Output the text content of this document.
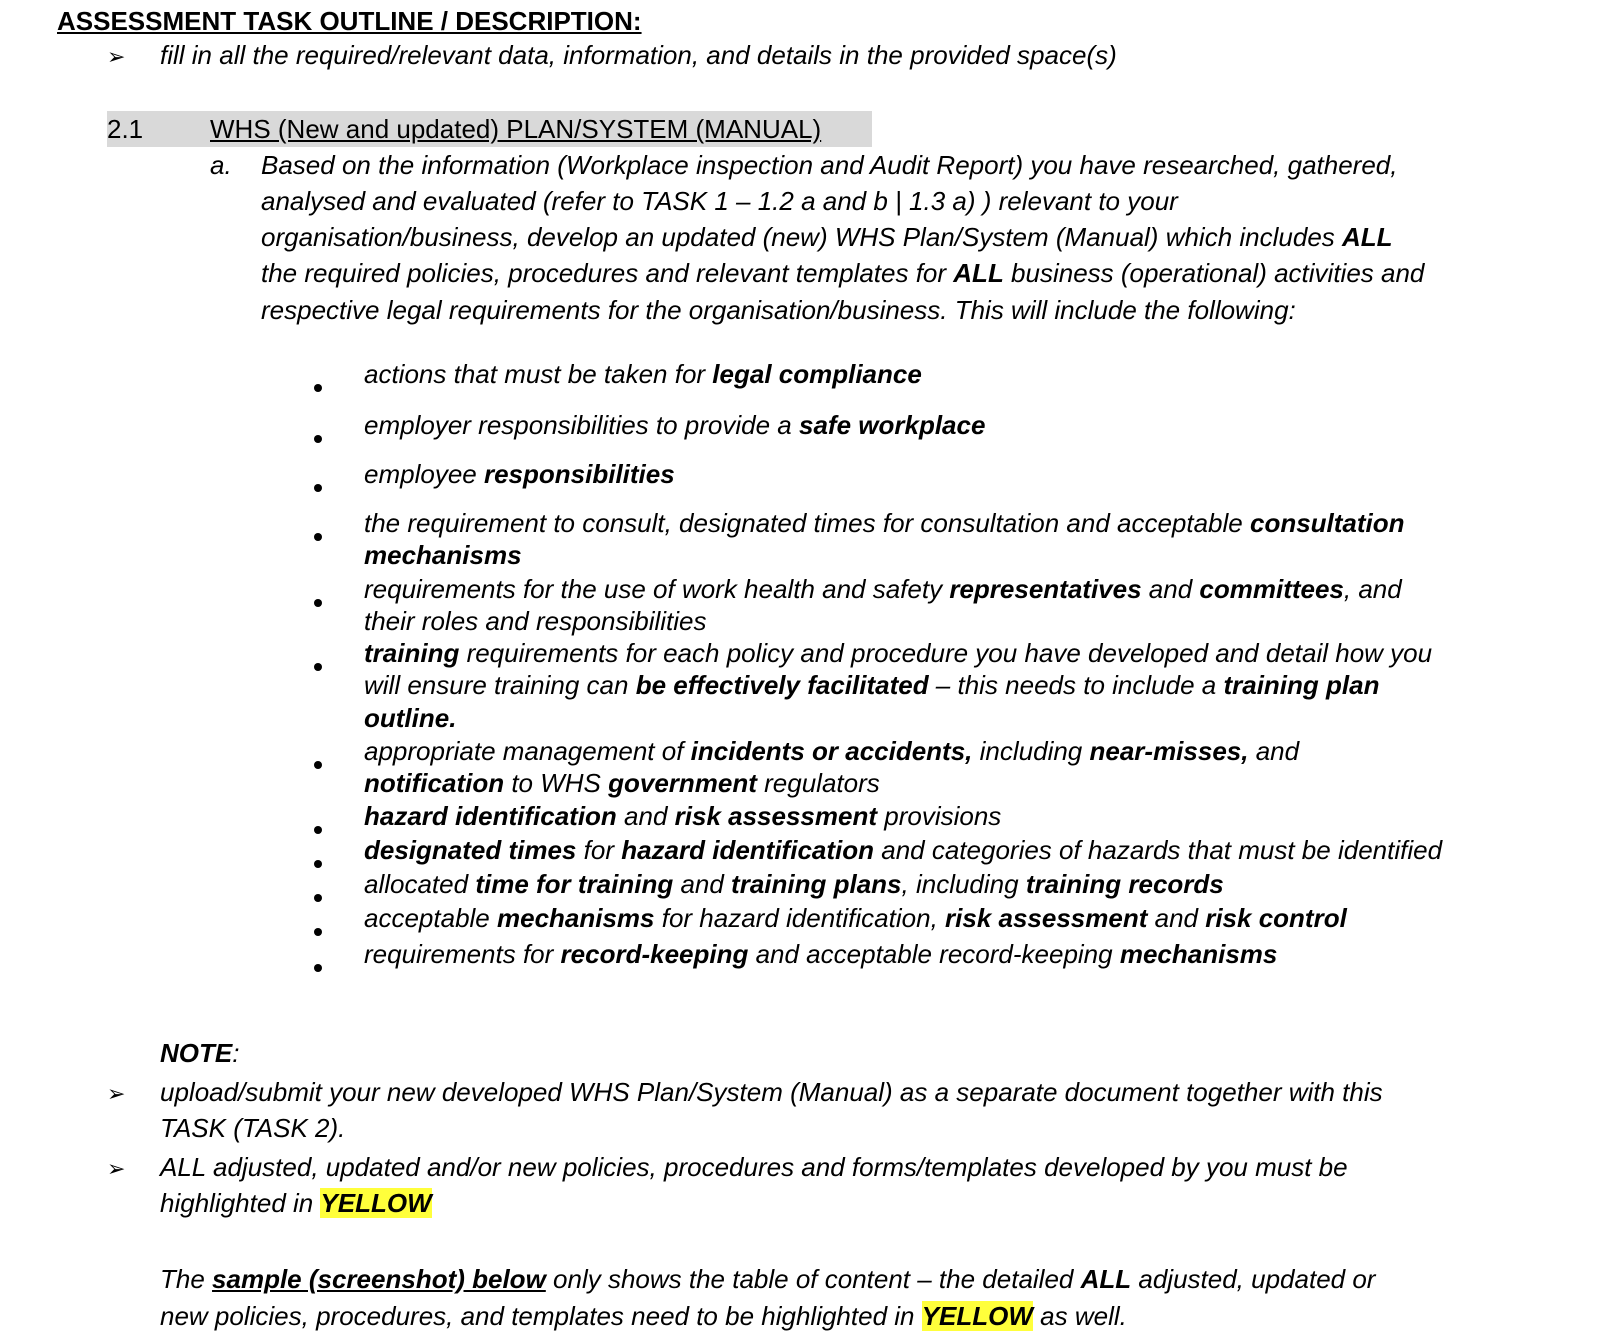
ASSESSMENT TASK OUTLINE / DESCRIPTION:
➢ fill in all the required/relevant data, information, and details in the provided space(s)
2.1	WHS (New and updated) PLAN/SYSTEM (MANUAL)
a. Based on the information (Workplace inspection and Audit Report) you have researched, gathered,
analysed and evaluated (refer to TASK 1 – 1.2 a and b | 1.3 a) ) relevant to your
organisation/business, develop an updated (new) WHS Plan/System (Manual) which includes ALL
the required policies, procedures and relevant templates for ALL business (operational) activities and
respective legal requirements for the organisation/business. This will include the following:
actions that must be taken for legal compliance
employer responsibilities to provide a safe workplace
employee responsibilities
the requirement to consult, designated times for consultation and acceptable consultation
mechanisms
requirements for the use of work health and safety representatives and committees, and
their roles and responsibilities
training requirements for each policy and procedure you have developed and detail how you
will ensure training can be effectively facilitated – this needs to include a training plan
outline.
appropriate management of incidents or accidents, including near-misses, and
notification to WHS government regulators
hazard identification and risk assessment provisions
designated times for hazard identification and categories of hazards that must be identified
allocated time for training and training plans, including training records
acceptable mechanisms for hazard identification, risk assessment and risk control
requirements for record-keeping and acceptable record-keeping mechanisms
NOTE:
➢ upload/submit your new developed WHS Plan/System (Manual) as a separate document together with this
TASK (TASK 2).
➢ ALL adjusted, updated and/or new policies, procedures and forms/templates developed by you must be
highlighted in YELLOW
The sample (screenshot) below only shows the table of content – the detailed ALL adjusted, updated or
new policies, procedures, and templates need to be highlighted in YELLOW as well.
